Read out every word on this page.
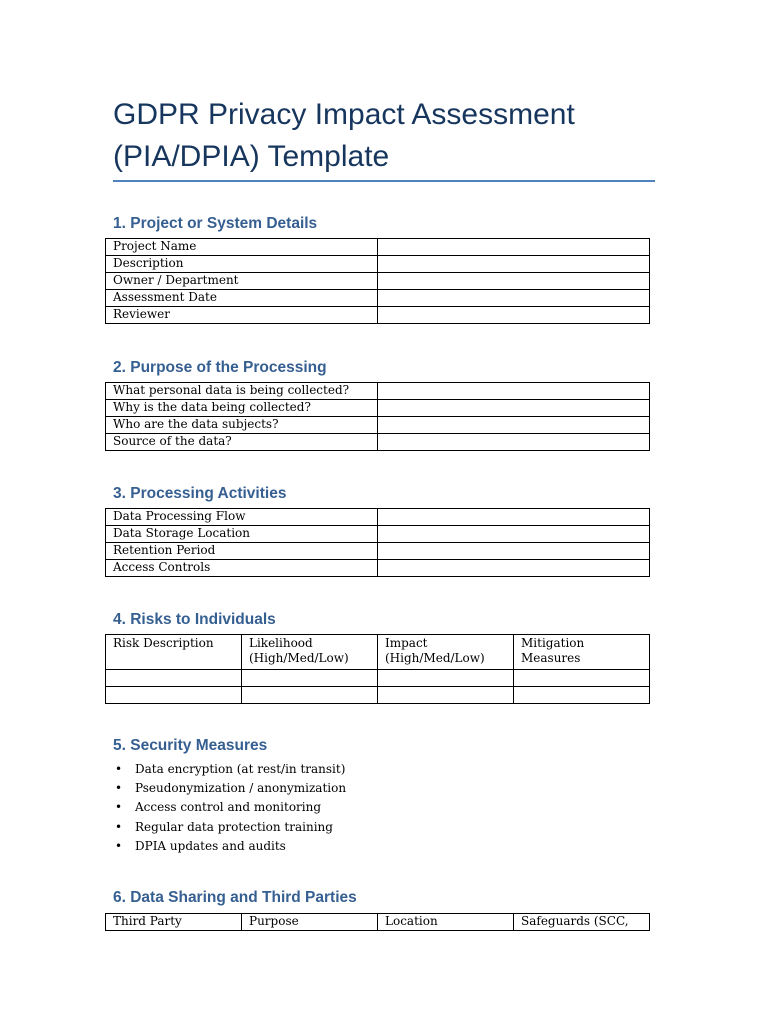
GDPR Privacy Impact Assessment
(PIA/DPIA) Template
1. Project or System Details
Project Name	
Description	
Owner / Department	
Assessment Date	
Reviewer	
2. Purpose of the Processing
What personal data is being collected?	
Why is the data being collected?	
Who are the data subjects?	
Source of the data?	
3. Processing Activities
Data Processing Flow	
Data Storage Location	
Retention Period	
Access Controls	
4. Risks to Individuals
Risk Description	Likelihood (High/Med/Low)	Impact (High/Med/Low)	Mitigation Measures

5. Security Measures
• Data encryption (at rest/in transit)
• Pseudonymization / anonymization
• Access control and monitoring
• Regular data protection training
• DPIA updates and audits
6. Data Sharing and Third Parties
Third Party	Purpose	Location	Safeguards (SCC,
